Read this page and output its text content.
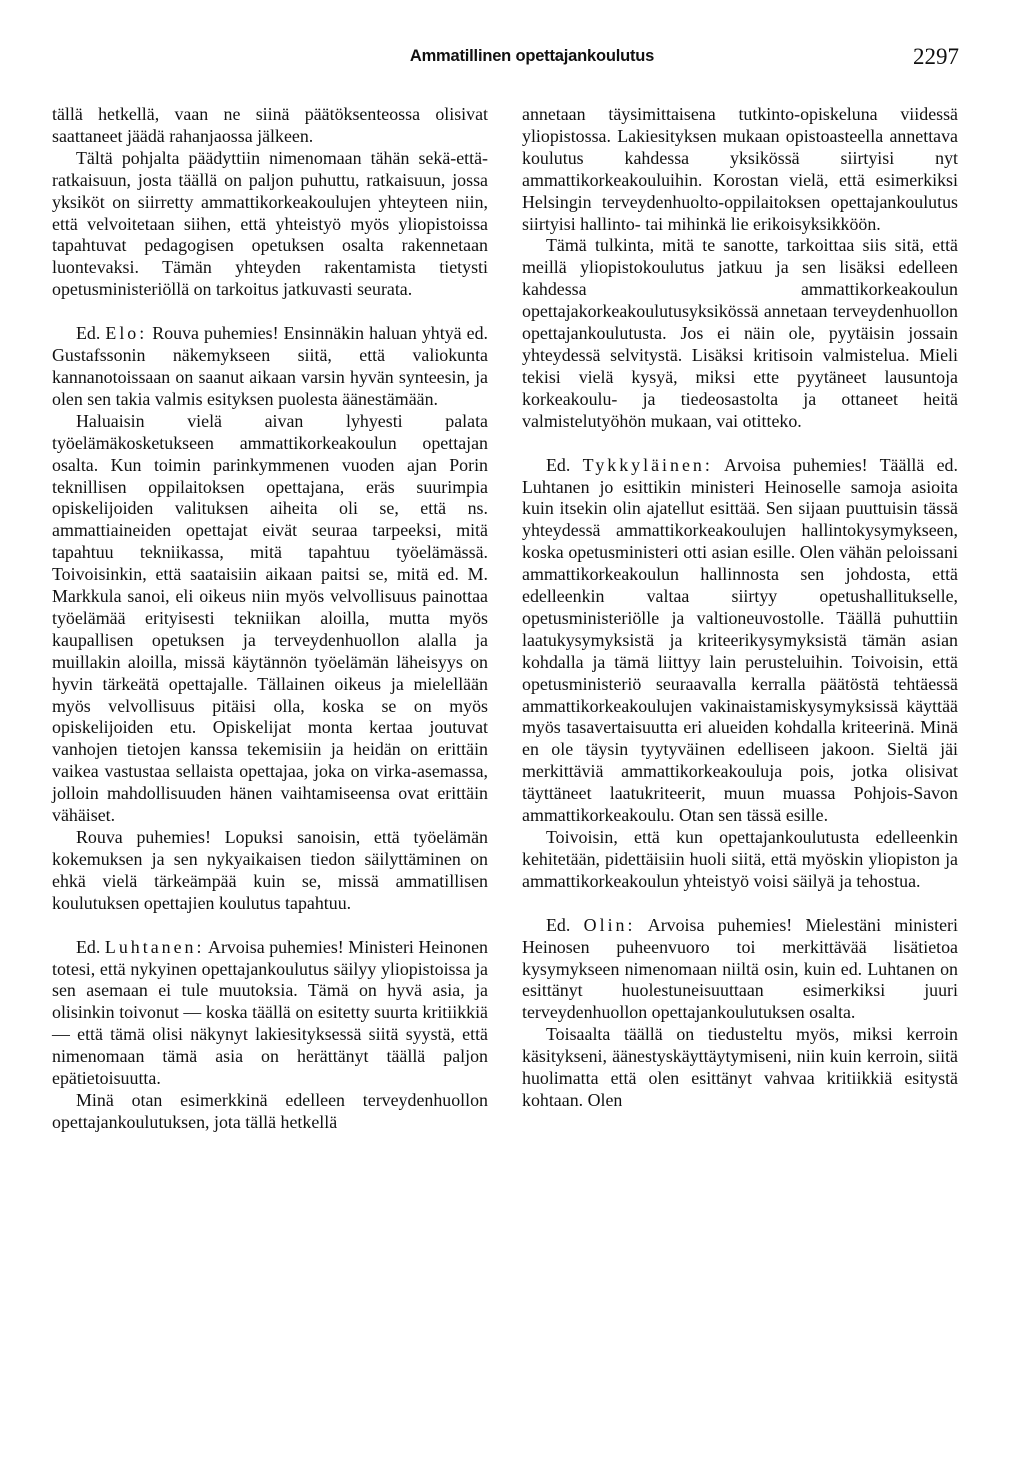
Ammatillinen opettajankoulutus	2297

tällä hetkellä, vaan ne siinä päätöksenteossa olisivat saattaneet jäädä rahanjaossa jälkeen.

Tältä pohjalta päädyttiin nimenomaan tähän sekä-että-ratkaisuun, josta täällä on paljon puhuttu, ratkaisuun, jossa yksiköt on siirretty ammattikorkeakoulujen yhteyteen niin, että velvoitetaan siihen, että yhteistyö myös yliopistoissa tapahtuvat pedagogisen opetuksen osalta rakennetaan luontevaksi. Tämän yhteyden rakentamista tietysti opetusministeriöllä on tarkoitus jatkuvasti seurata.

Ed. Elo: Rouva puhemies! Ensinnäkin haluan yhtyä ed. Gustafssonin näkemykseen siitä, että valiokunta kannanotoissaan on saanut aikaan varsin hyvän synteesin, ja olen sen takia valmis esityksen puolesta äänestämään.

Haluaisin vielä aivan lyhyesti palata työelämäkosketukseen ammattikorkeakoulun opettajan osalta. Kun toimin parinkymmenen vuoden ajan Porin teknillisen oppilaitoksen opettajana, eräs suurimpia opiskelijoiden valituksen aiheita oli se, että ns. ammattiaineiden opettajat eivät seuraa tarpeeksi, mitä tapahtuu tekniikassa, mitä tapahtuu työelämässä. Toivoisinkin, että saataisiin aikaan paitsi se, mitä ed. M. Markkula sanoi, eli oikeus niin myös velvollisuus painottaa työelämää erityisesti tekniikan aloilla, mutta myös kaupallisen opetuksen ja terveydenhuollon alalla ja muillakin aloilla, missä käytännön työelämän läheisyys on hyvin tärkeätä opettajalle. Tällainen oikeus ja mielellään myös velvollisuus pitäisi olla, koska se on myös opiskelijoiden etu. Opiskelijat monta kertaa joutuvat vanhojen tietojen kanssa tekemisiin ja heidän on erittäin vaikea vastustaa sellaista opettajaa, joka on virka-asemassa, jolloin mahdollisuuden hänen vaihtamiseensa ovat erittäin vähäiset.

Rouva puhemies! Lopuksi sanoisin, että työelämän kokemuksen ja sen nykyaikaisen tiedon säilyttäminen on ehkä vielä tärkeämpää kuin se, missä ammatillisen koulutuksen opettajien koulutus tapahtuu.

Ed. Luhtanen: Arvoisa puhemies! Ministeri Heinonen totesi, että nykyinen opettajankoulutus säilyy yliopistoissa ja sen asemaan ei tule muutoksia. Tämä on hyvä asia, ja olisinkin toivonut — koska täällä on esitetty suurta kritiikkiä — että tämä olisi näkynyt lakiesityksessä siitä syystä, että nimenomaan tämä asia on herättänyt täällä paljon epätietoisuutta.

Minä otan esimerkkinä edelleen terveydenhuollon opettajankoulutuksen, jota tällä hetkellä

annetaan täysimittaisena tutkinto-opiskeluna viidessä yliopistossa. Lakiesityksen mukaan opistoasteella annettava koulutus kahdessa yksikössä siirtyisi nyt ammattikorkeakouluihin. Korostan vielä, että esimerkiksi Helsingin terveydenhuolto-oppilaitoksen opettajankoulutus siirtyisi hallinto- tai mihinkä lie erikoisyksikköön.

Tämä tulkinta, mitä te sanotte, tarkoittaa siis sitä, että meillä yliopistokoulutus jatkuu ja sen lisäksi edelleen kahdessa ammattikorkeakoulun opettajakorkeakoulutusyksikössä annetaan terveydenhuollon opettajankoulutusta. Jos ei näin ole, pyytäisin jossain yhteydessä selvitystä. Lisäksi kritisoin valmistelua. Mieli tekisi vielä kysyä, miksi ette pyytäneet lausuntoja korkeakoulu- ja tiedeosastolta ja ottaneet heitä valmistelutyöhön mukaan, vai otitteko.

Ed. Tykkyläinen: Arvoisa puhemies! Täällä ed. Luhtanen jo esittikin ministeri Heinoselle samoja asioita kuin itsekin olin ajatellut esittää. Sen sijaan puuttuisin tässä yhteydessä ammattikorkeakoulujen hallintokysymykseen, koska opetusministeri otti asian esille. Olen vähän peloissani ammattikorkeakoulun hallinnosta sen johdosta, että edelleenkin valtaa siirtyy opetushallitukselle, opetusministeriölle ja valtioneuvostolle. Täällä puhuttiin laatukysymyksistä ja kriteerikysymyksistä tämän asian kohdalla ja tämä liittyy lain perusteluihin. Toivoisin, että opetusministeriö seuraavalla kerralla päätöstä tehtäessä ammattikorkeakoulujen vakinaistamiskysymyksissä käyttää myös tasavertaisuutta eri alueiden kohdalla kriteerinä. Minä en ole täysin tyytyväinen edelliseen jakoon. Sieltä jäi merkittäviä ammattikorkeakouluja pois, jotka olisivat täyttäneet laatukriteerit, muun muassa Pohjois-Savon ammattikorkeakoulu. Otan sen tässä esille.

Toivoisin, että kun opettajankoulutusta edelleenkin kehitetään, pidettäisiin huoli siitä, että myöskin yliopiston ja ammattikorkeakoulun yhteistyö voisi säilyä ja tehostua.

Ed. Olin: Arvoisa puhemies! Mielestäni ministeri Heinosen puheenvuoro toi merkittävää lisätietoa kysymykseen nimenomaan niiltä osin, kuin ed. Luhtanen on esittänyt huolestuneisuuttaan esimerkiksi juuri terveydenhuollon opettajankoulutuksen osalta.

Toisaalta täällä on tiedusteltu myös, miksi kerroin käsitykseni, äänestyskäyttäytymiseni, niin kuin kerroin, siitä huolimatta että olen esittänyt vahvaa kritiikkiä esitystä kohtaan. Olen
